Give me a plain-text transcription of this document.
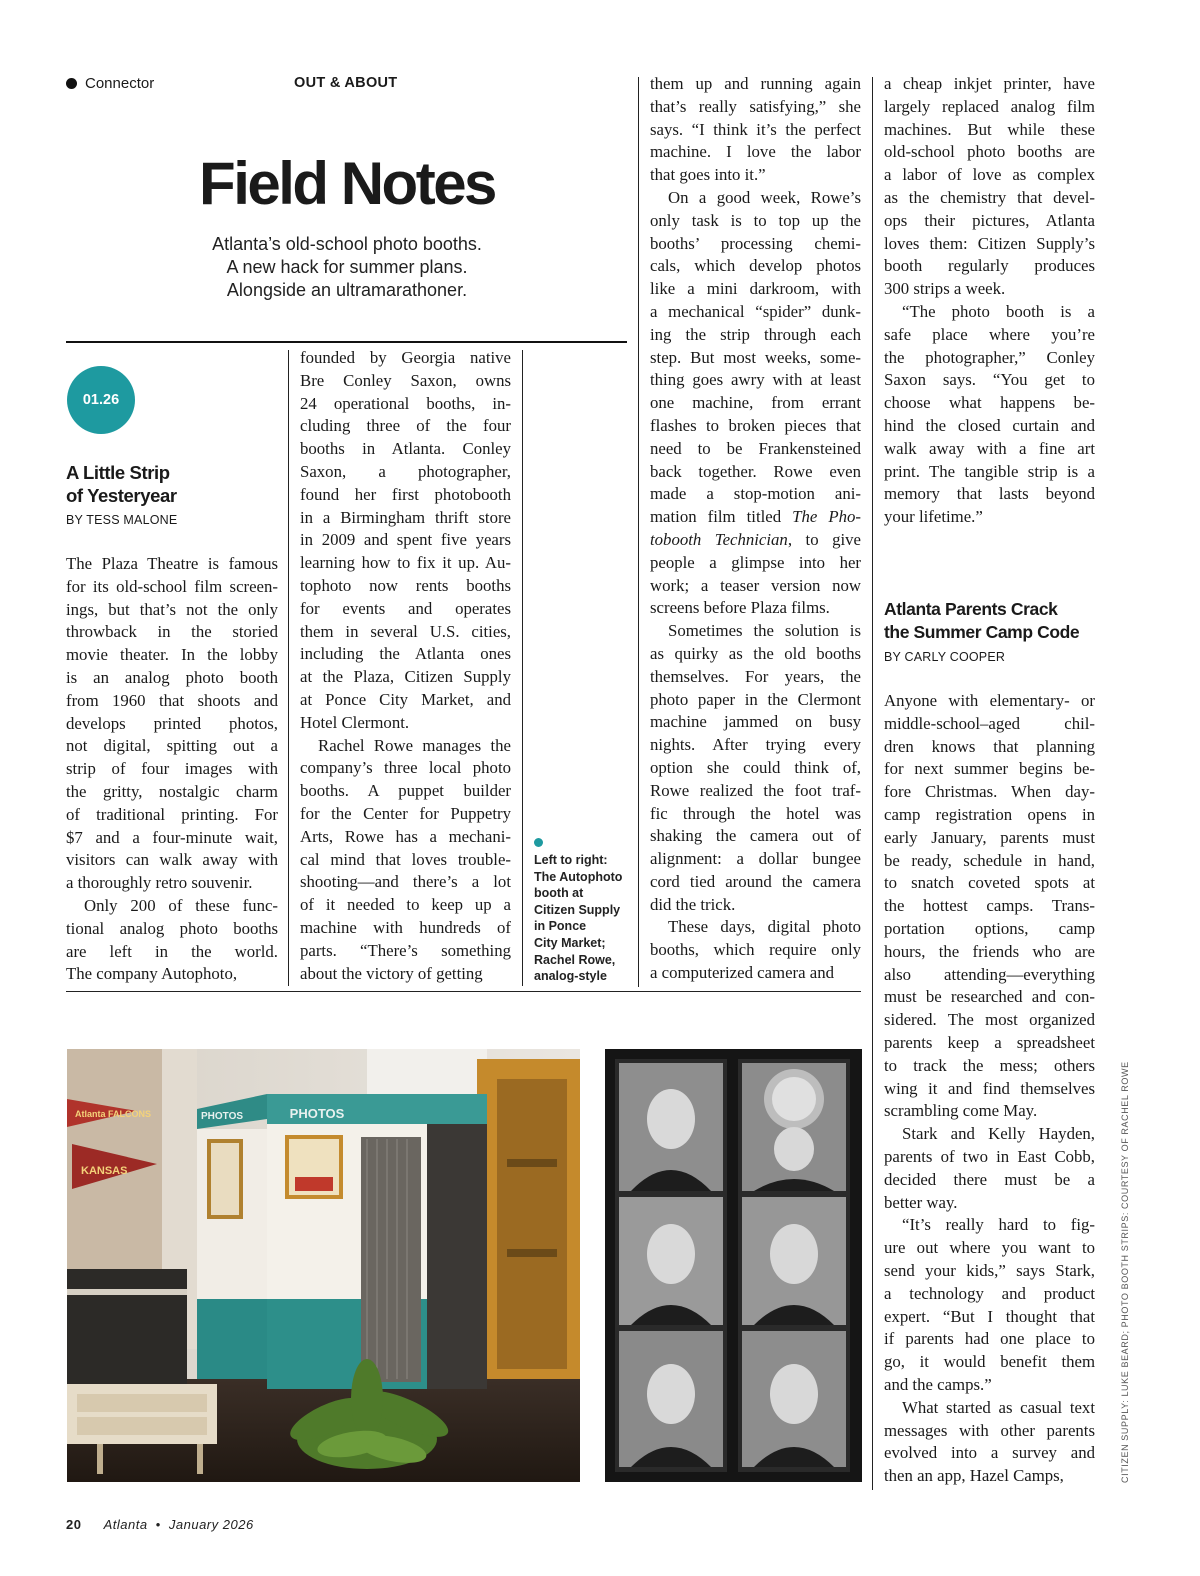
Connector	OUT & ABOUT
Field Notes
Atlanta’s old-school photo booths.
A new hack for summer plans.
Alongside an ultramarathoner.
01.26
A Little Strip
of Yesteryear
BY TESS MALONE
The Plaza Theatre is famous
for its old-school film screen-
ings, but that’s not the only
throwback in the storied
movie theater. In the lobby
is an analog photo booth
from 1960 that shoots and
develops printed photos,
not digital, spitting out a
strip of four images with
the gritty, nostalgic charm
of traditional printing. For
$7 and a four-minute wait,
visitors can walk away with
a thoroughly retro souvenir.
Only 200 of these func-
tional analog photo booths
are left in the world.
The company Autophoto,
founded by Georgia native
Bre Conley Saxon, owns
24 operational booths, in-
cluding three of the four
booths in Atlanta. Conley
Saxon, a photographer,
found her first photobooth
in a Birmingham thrift store
in 2009 and spent five years
learning how to fix it up. Au-
tophoto now rents booths
for events and operates
them in several U.S. cities,
including the Atlanta ones
at the Plaza, Citizen Supply
at Ponce City Market, and
Hotel Clermont.
Rachel Rowe manages the
company’s three local photo
booths. A puppet builder
for the Center for Puppetry
Arts, Rowe has a mechani-
cal mind that loves trouble-
shooting—and there’s a lot
of it needed to keep up a
machine with hundreds of
parts. “There’s something
about the victory of getting
Left to right:
The Autophoto
booth at
Citizen Supply
in Ponce
City Market;
Rachel Rowe,
analog-style
them up and running again
that’s really satisfying,” she
says. “I think it’s the perfect
machine. I love the labor
that goes into it.”
On a good week, Rowe’s
only task is to top up the
booths’ processing chemi-
cals, which develop photos
like a mini darkroom, with
a mechanical “spider” dunk-
ing the strip through each
step. But most weeks, some-
thing goes awry with at least
one machine, from errant
flashes to broken pieces that
need to be Frankensteined
back together. Rowe even
made a stop-motion ani-
mation film titled The Pho-
tobooth Technician, to give
people a glimpse into her
work; a teaser version now
screens before Plaza films.
Sometimes the solution is
as quirky as the old booths
themselves. For years, the
photo paper in the Clermont
machine jammed on busy
nights. After trying every
option she could think of,
Rowe realized the foot traf-
fic through the hotel was
shaking the camera out of
alignment: a dollar bungee
cord tied around the camera
did the trick.
These days, digital photo
booths, which require only
a computerized camera and
a cheap inkjet printer, have
largely replaced analog film
machines. But while these
old-school photo booths are
a labor of love as complex
as the chemistry that devel-
ops their pictures, Atlanta
loves them: Citizen Supply’s
booth regularly produces
300 strips a week.
“The photo booth is a
safe place where you’re
the photographer,” Conley
Saxon says. “You get to
choose what happens be-
hind the closed curtain and
walk away with a fine art
print. The tangible strip is a
memory that lasts beyond
your lifetime.”
Atlanta Parents Crack
the Summer Camp Code
BY CARLY COOPER
Anyone with elementary- or
middle-school–aged chil-
dren knows that planning
for next summer begins be-
fore Christmas. When day-
camp registration opens in
early January, parents must
be ready, schedule in hand,
to snatch coveted spots at
the hottest camps. Trans-
portation options, camp
hours, the friends who are
also attending—everything
must be researched and con-
sidered. The most organized
parents keep a spreadsheet
to track the mess; others
wing it and find themselves
scrambling come May.
Stark and Kelly Hayden,
parents of two in East Cobb,
decided there must be a
better way.
“It’s really hard to fig-
ure out where you want to
send your kids,” says Stark,
a technology and product
expert. “But I thought that
if parents had one place to
go, it would benefit them
and the camps.”
What started as casual text
messages with other parents
evolved into a survey and
then an app, Hazel Camps,
PHOTOS
PHOTOS
Atlanta FALCONS
KANSAS	CITIZEN SUPPLY: LUKE BEARD; PHOTO BOOTH STRIPS: COURTESY OF RACHEL ROWE
20 Atlanta • January 2026
